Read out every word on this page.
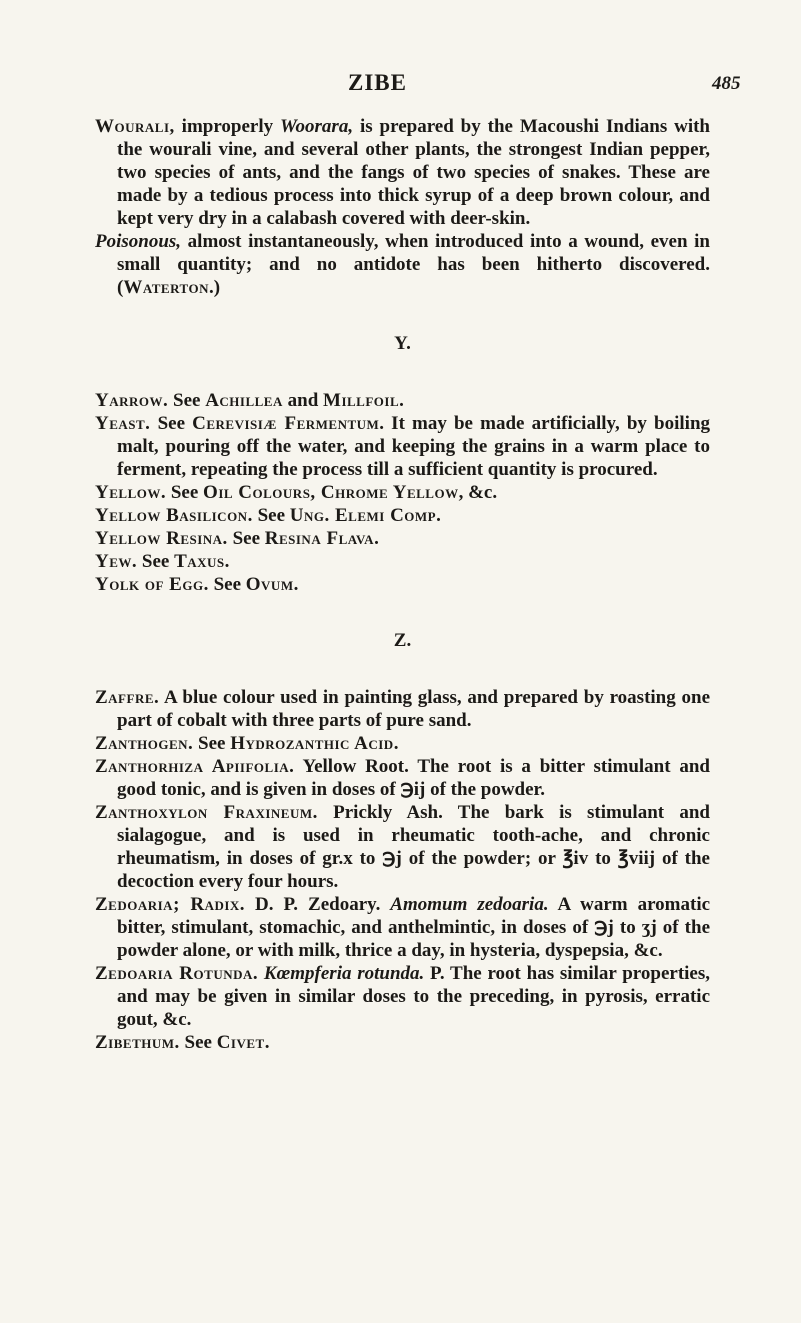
ZIBE	485

Wourali, improperly Woorara, is prepared by the Macoushi Indians with the wourali vine, and several other plants, the strongest Indian pepper, two species of ants, and the fangs of two species of snakes. These are made by a tedious process into thick syrup of a deep brown colour, and kept very dry in a calabash covered with deer-skin.

Poisonous, almost instantaneously, when introduced into a wound, even in small quantity; and no antidote has been hitherto discovered. (Waterton.)

Y.

Yarrow. See Achillea and Millfoil.

Yeast. See Cerevisiæ Fermentum. It may be made artificially, by boiling malt, pouring off the water, and keeping the grains in a warm place to ferment, repeating the process till a sufficient quantity is procured.

Yellow. See Oil Colours, Chrome Yellow, &c.

Yellow Basilicon. See Ung. Elemi Comp.

Yellow Resina. See Resina Flava.

Yew. See Taxus.

Yolk of Egg. See Ovum.

Z.

Zaffre. A blue colour used in painting glass, and prepared by roasting one part of cobalt with three parts of pure sand.

Zanthogen. See Hydrozanthic Acid.

Zanthorhiza Apiifolia. Yellow Root. The root is a bitter stimulant and good tonic, and is given in doses of ℈ij of the powder.

Zanthoxylon Fraxineum. Prickly Ash. The bark is stimulant and sialagogue, and is used in rheumatic tooth-ache, and chronic rheumatism, in doses of gr.x to ℈j of the powder; or ℥iv to ℥viij of the decoction every four hours.

Zedoaria; Radix. D. P. Zedoary. Amomum zedoaria. A warm aromatic bitter, stimulant, stomachic, and anthelmintic, in doses of ℈j to ʒj of the powder alone, or with milk, thrice a day, in hysteria, dyspepsia, &c.

Zedoaria Rotunda. Kœmpferia rotunda. P. The root has similar properties, and may be given in similar doses to the preceding, in pyrosis, erratic gout, &c.

Zibethum. See Civet.
